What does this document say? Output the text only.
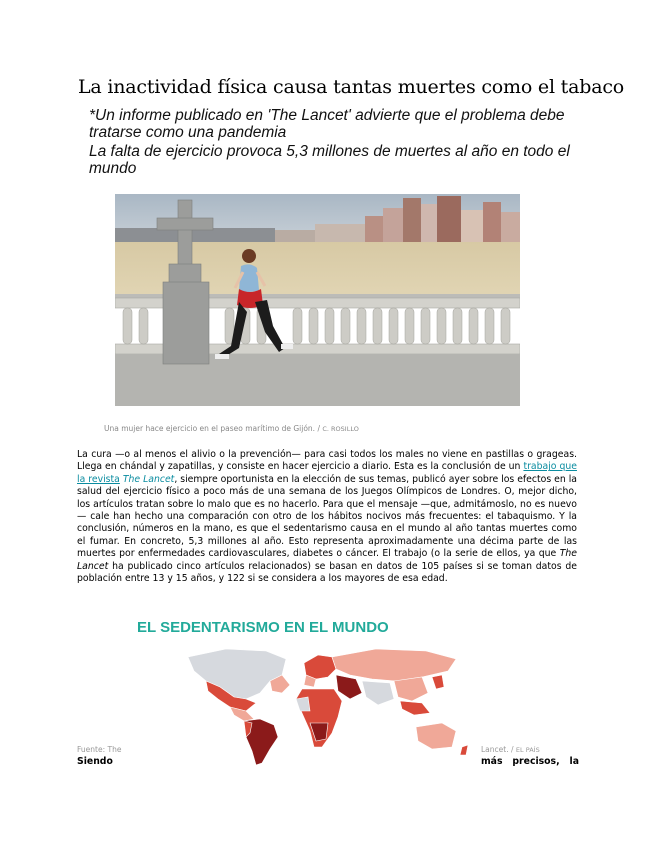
La inactividad física causa tantas muertes como el tabaco
*Un informe publicado en 'The Lancet' advierte que el problema debe tratarse como una pandemia
La falta de ejercicio provoca 5,3 millones de muertes al año en todo el mundo
Una mujer hace ejercicio en el paseo marítimo de Gijón. / C. ROSILLO
La cura —o al menos el alivio o la prevención— para casi todos los males no viene en pastillas o grageas. Llega en chándal y zapatillas, y consiste en hacer ejercicio a diario. Esta es la conclusión de un trabajo que la revista The Lancet, siempre oportunista en la elección de sus temas, publicó ayer sobre los efectos en la salud del ejercicio físico a poco más de una semana de los Juegos Olímpicos de Londres. O, mejor dicho, los artículos tratan sobre lo malo que es no hacerlo. Para que el mensaje —que, admitámoslo, no es nuevo— cale han hecho una comparación con otro de los hábitos nocivos más frecuentes: el tabaquismo. Y la conclusión, números en la mano, es que el sedentarismo causa en el mundo al año tantas muertes como el fumar. En concreto, 5,3 millones al año. Esto representa aproximadamente una décima parte de las muertes por enfermedades cardiovasculares, diabetes o cáncer. El trabajo (o la serie de ellos, ya que The Lancet ha publicado cinco artículos relacionados) se basan en datos de 105 países si se toman datos de población entre 13 y 15 años, y 122 si se considera a los mayores de esa edad.
EL SEDENTARISMO EN EL MUNDO
Fuente: The	Lancet. / EL PAÍS
Siendo	más precisos, la
